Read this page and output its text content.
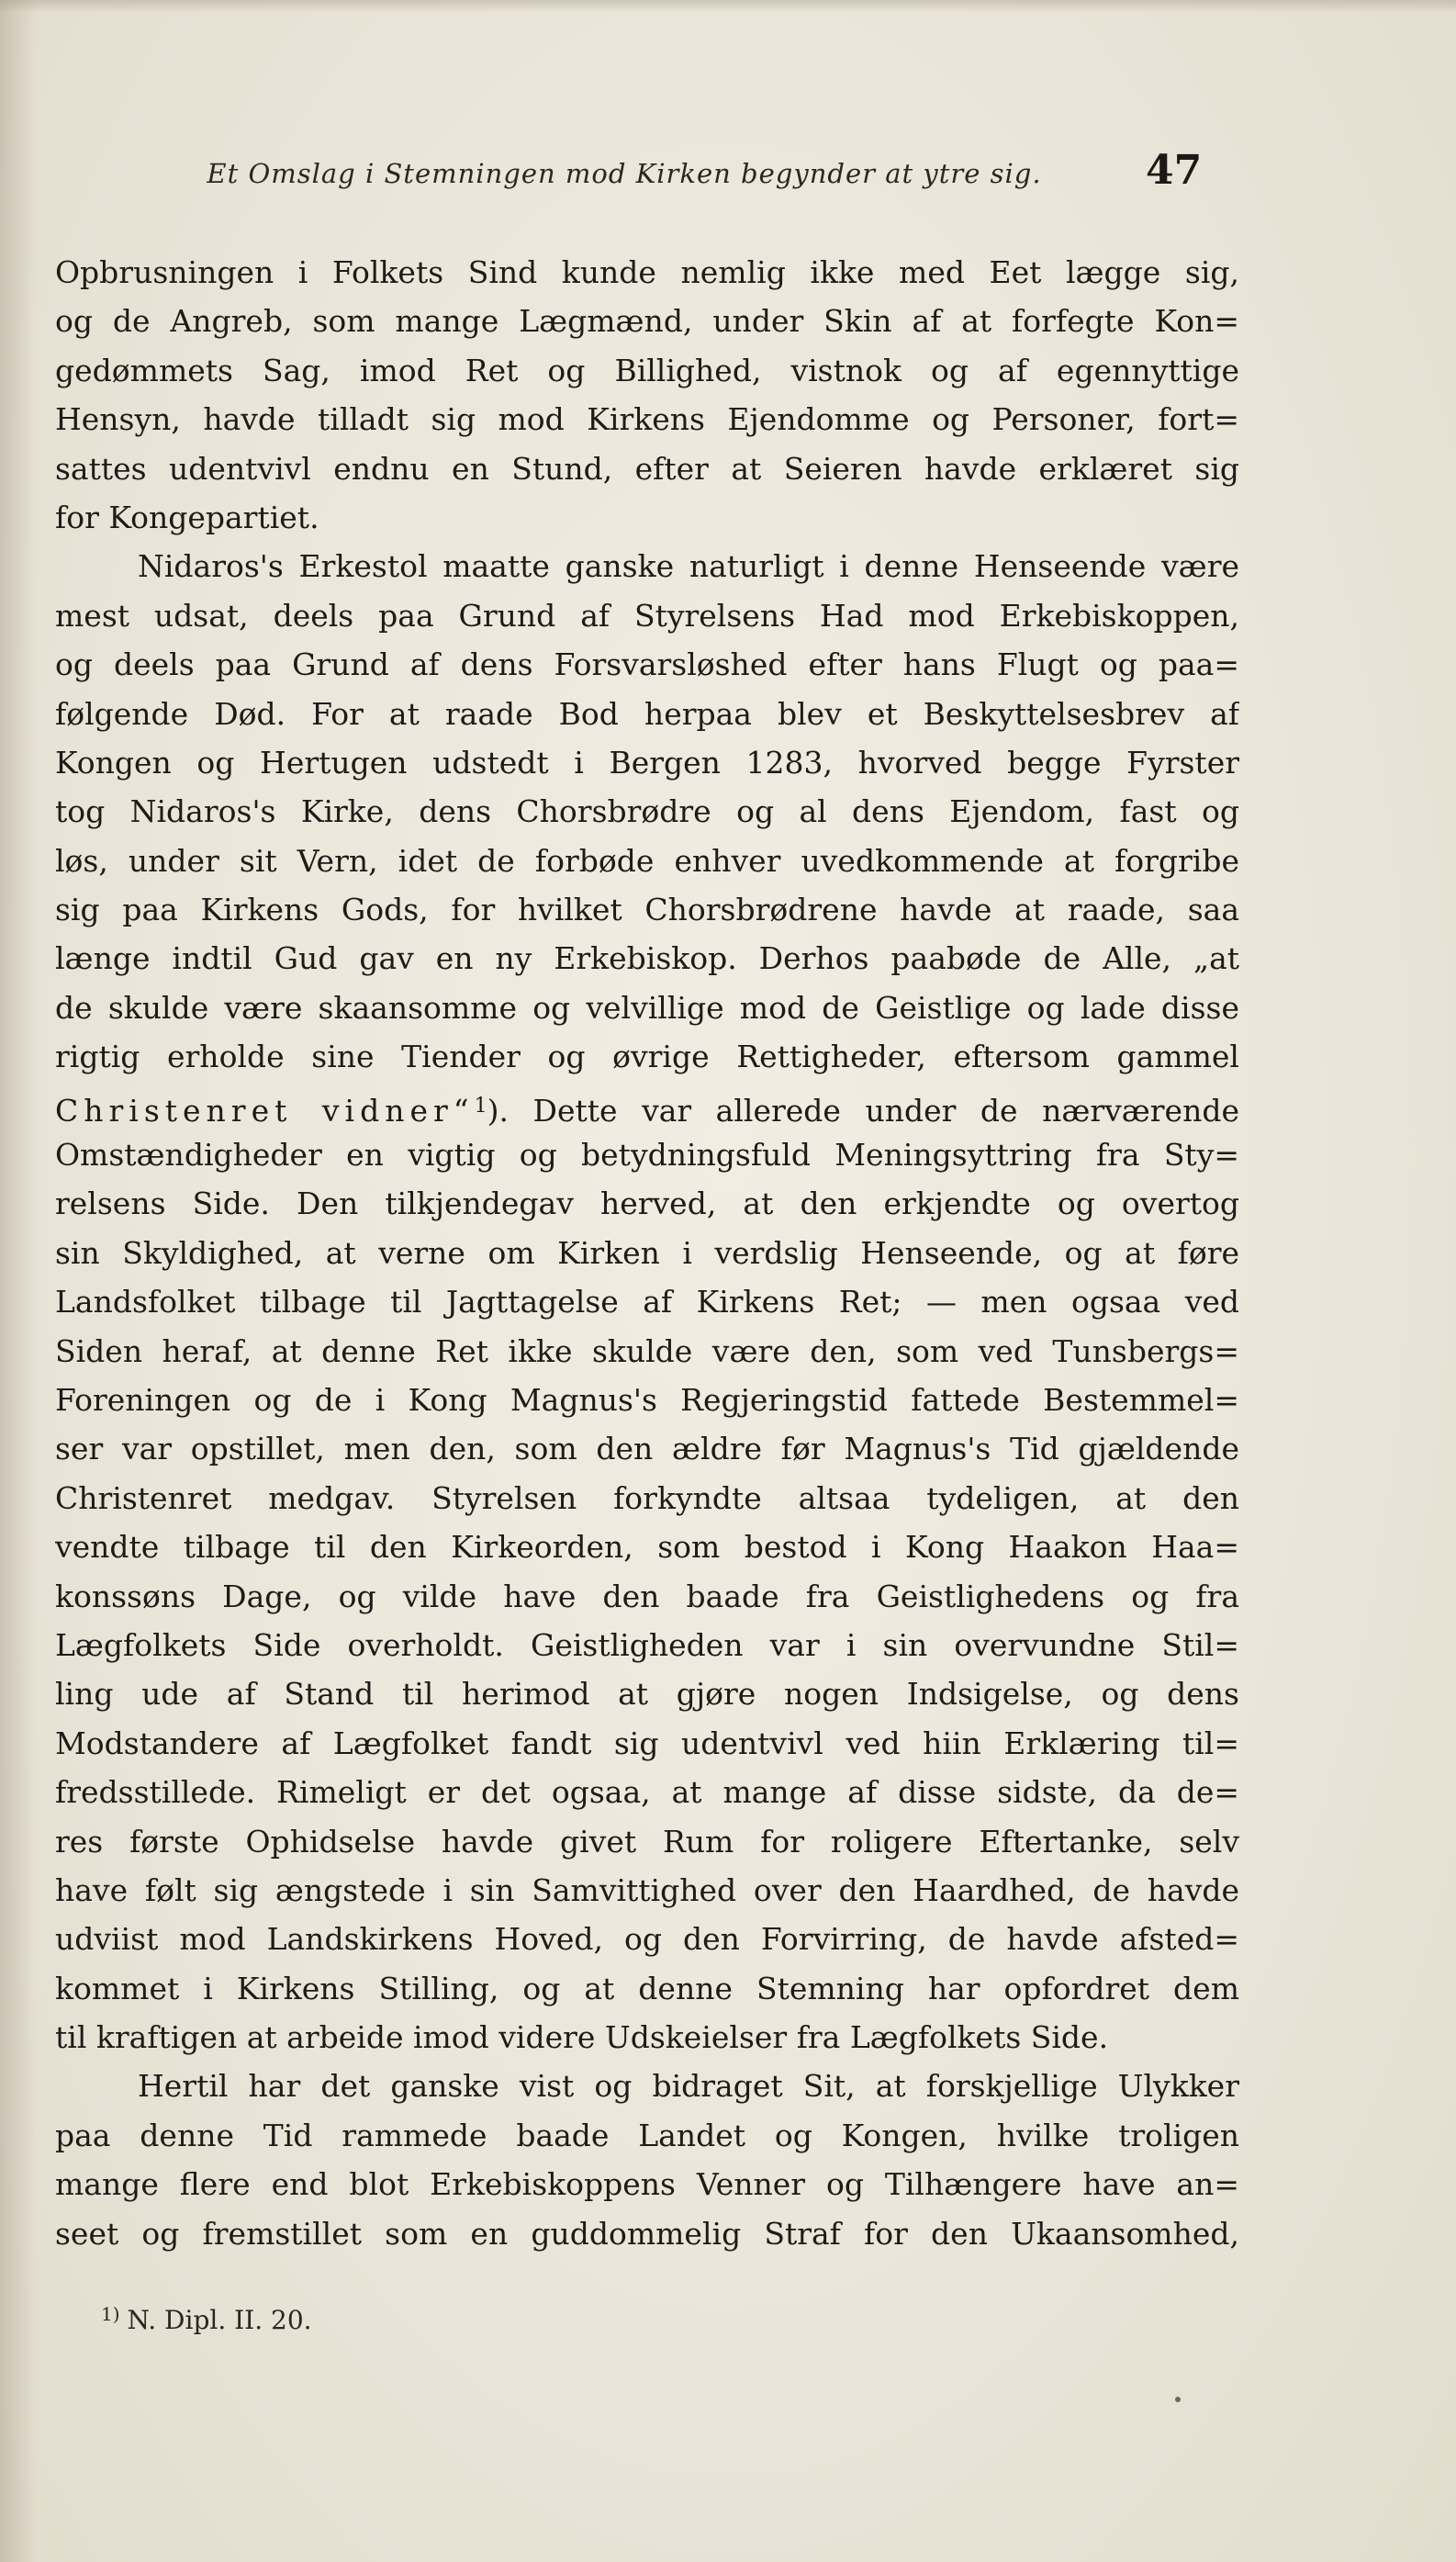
Et Omslag i Stemningen mod Kirken begynder at ytre sig.	47
Opbrusningen i Folkets Sind kunde nemlig ikke med Eet lægge sig,
og de Angreb, som mange Lægmænd, under Skin af at forfegte Kon=
gedømmets Sag, imod Ret og Billighed, vistnok og af egennyttige
Hensyn, havde tilladt sig mod Kirkens Ejendomme og Personer, fort=
sattes udentvivl endnu en Stund, efter at Seieren havde erklæret sig
for Kongepartiet.
Nidaros's Erkestol maatte ganske naturligt i denne Henseende være
mest udsat, deels paa Grund af Styrelsens Had mod Erkebiskoppen,
og deels paa Grund af dens Forsvarsløshed efter hans Flugt og paa=
følgende Død. For at raade Bod herpaa blev et Beskyttelsesbrev af
Kongen og Hertugen udstedt i Bergen 1283, hvorved begge Fyrster
tog Nidaros's Kirke, dens Chorsbrødre og al dens Ejendom, fast og
løs, under sit Vern, idet de forbøde enhver uvedkommende at forgribe
sig paa Kirkens Gods, for hvilket Chorsbrødrene havde at raade, saa
længe indtil Gud gav en ny Erkebiskop. Derhos paabøde de Alle, „at
de skulde være skaansomme og velvillige mod de Geistlige og lade disse
rigtig erholde sine Tiender og øvrige Rettigheder, eftersom gammel
Christenret vidner“$^1$). Dette var allerede under de nærværende
Omstændigheder en vigtig og betydningsfuld Meningsyttring fra Sty=
relsens Side. Den tilkjendegav herved, at den erkjendte og overtog
sin Skyldighed, at verne om Kirken i verdslig Henseende, og at føre
Landsfolket tilbage til Jagttagelse af Kirkens Ret; — men ogsaa ved
Siden heraf, at denne Ret ikke skulde være den, som ved Tunsbergs=
Foreningen og de i Kong Magnus's Regjeringstid fattede Bestemmel=
ser var opstillet, men den, som den ældre før Magnus's Tid gjældende
Christenret medgav. Styrelsen forkyndte altsaa tydeligen, at den
vendte tilbage til den Kirkeorden, som bestod i Kong Haakon Haa=
konssøns Dage, og vilde have den baade fra Geistlighedens og fra
Lægfolkets Side overholdt. Geistligheden var i sin overvundne Stil=
ling ude af Stand til herimod at gjøre nogen Indsigelse, og dens
Modstandere af Lægfolket fandt sig udentvivl ved hiin Erklæring til=
fredsstillede. Rimeligt er det ogsaa, at mange af disse sidste, da de=
res første Ophidselse havde givet Rum for roligere Eftertanke, selv
have følt sig ængstede i sin Samvittighed over den Haardhed, de havde
udviist mod Landskirkens Hoved, og den Forvirring, de havde afsted=
kommet i Kirkens Stilling, og at denne Stemning har opfordret dem
til kraftigen at arbeide imod videre Udskeielser fra Lægfolkets Side.
Hertil har det ganske vist og bidraget Sit, at forskjellige Ulykker
paa denne Tid rammede baade Landet og Kongen, hvilke troligen
mange flere end blot Erkebiskoppens Venner og Tilhængere have an=
seet og fremstillet som en guddommelig Straf for den Ukaansomhed,
$^{1)}$ N. Dipl. II. 20.
